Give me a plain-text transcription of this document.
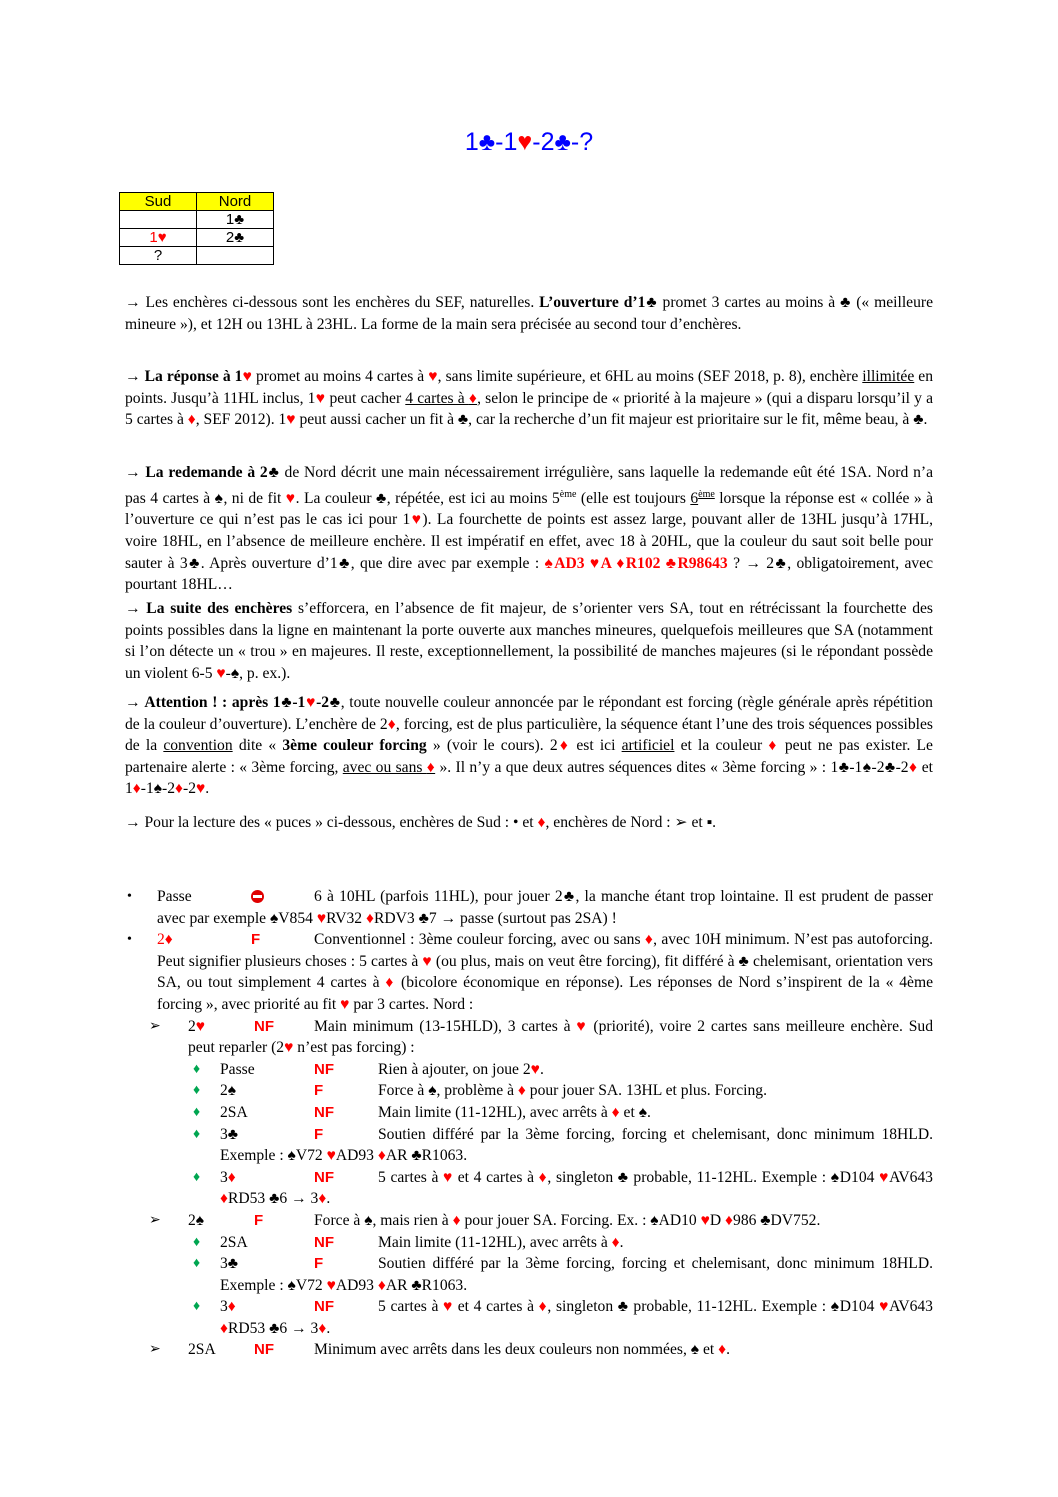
1♣-1♥-2♣-?
Sud	Nord
	1♣
1♥	2♣
?	

→ Les enchères ci-dessous sont les enchères du SEF, naturelles. L’ouverture d’1♣ promet 3 cartes au moins à ♣ (« meilleure mineure »), et 12H ou 13HL à 23HL. La forme de la main sera précisée au second tour d’enchères.

→ La réponse à 1♥ promet au moins 4 cartes à ♥, sans limite supérieure, et 6HL au moins (SEF 2018, p. 8), enchère illimitée en points. Jusqu’à 11HL inclus, 1♥ peut cacher 4 cartes à ♦, selon le principe de « priorité à la majeure » (qui a disparu lorsqu’il y a 5 cartes à ♦, SEF 2012). 1♥ peut aussi cacher un fit à ♣, car la recherche d’un fit majeur est prioritaire sur le fit, même beau, à ♣.

→ La redemande à 2♣ de Nord décrit une main nécessairement irrégulière, sans laquelle la redemande eût été 1SA. Nord n’a pas 4 cartes à ♠, ni de fit ♥. La couleur ♣, répétée, est ici au moins 5ème (elle est toujours 6ème lorsque la réponse est « collée » à l’ouverture ce qui n’est pas le cas ici pour 1♥). La fourchette de points est assez large, pouvant aller de 13HL jusqu’à 17HL, voire 18HL, en l’absence de meilleure enchère. Il est impératif en effet, avec 18 à 20HL, que la couleur du saut soit belle pour sauter à 3♣. Après ouverture d’1♣, que dire avec par exemple : ♠AD3 ♥A ♦R102 ♣R98643 ? → 2♣, obligatoirement, avec pourtant 18HL…

→ La suite des enchères s’efforcera, en l’absence de fit majeur, de s’orienter vers SA, tout en rétrécissant la fourchette des points possibles dans la ligne en maintenant la porte ouverte aux manches mineures, quelquefois meilleures que SA (notamment si l’on détecte un « trou » en majeures. Il reste, exceptionnellement, la possibilité de manches majeures (si le répondant possède un violent 6-5 ♥-♠, p. ex.).

→ Attention ! : après 1♣-1♥-2♣, toute nouvelle couleur annoncée par le répondant est forcing (règle générale après répétition de la couleur d’ouverture). L’enchère de 2♦, forcing, est de plus particulière, la séquence étant l’une des trois séquences possibles de la convention dite « 3ème couleur forcing » (voir le cours). 2♦ est ici artificiel et la couleur ♦ peut ne pas exister. Le partenaire alerte : « 3ème forcing, avec ou sans ♦ ». Il n’y a que deux autres séquences dites « 3ème forcing » : 1♣-1♠-2♣-2♦ et 1♦-1♠-2♦-2♥.

→ Pour la lecture des « puces » ci-dessous, enchères de Sud : • et ♦, enchères de Nord : ➢ et ▪.

• Passe	6 à 10HL (parfois 11HL), pour jouer 2♣, la manche étant trop lointaine. Il est prudent de passer avec par exemple ♠V854 ♥RV32 ♦RDV3 ♣7 → passe (surtout pas 2SA) !
• 2♦	F	Conventionnel : 3ème couleur forcing, avec ou sans ♦, avec 10H minimum. N’est pas autoforcing. Peut signifier plusieurs choses : 5 cartes à ♥ (ou plus, mais on veut être forcing), fit différé à ♣ chelemisant, orientation vers SA, ou tout simplement 4 cartes à ♦ (bicolore économique en réponse). Les réponses de Nord s’inspirent de la « 4ème forcing », avec priorité au fit ♥ par 3 cartes. Nord :
➢ 2♥	NF	Main minimum (13-15HLD), 3 cartes à ♥ (priorité), voire 2 cartes sans meilleure enchère. Sud peut reparler (2♥ n’est pas forcing) :
♦ Passe	NF	Rien à ajouter, on joue 2♥.
♦ 2♠	F	Force à ♠, problème à ♦ pour jouer SA. 13HL et plus. Forcing.
♦ 2SA	NF	Main limite (11-12HL), avec arrêts à ♦ et ♠.
♦ 3♣	F	Soutien différé par la 3ème forcing, forcing et chelemisant, donc minimum 18HLD. Exemple : ♠V72 ♥AD93 ♦AR ♣R1063.
♦ 3♦	NF	5 cartes à ♥ et 4 cartes à ♦, singleton ♣ probable, 11-12HL. Exemple : ♠D104 ♥AV643 ♦RD53 ♣6 → 3♦.
➢ 2♠	F	Force à ♠, mais rien à ♦ pour jouer SA. Forcing. Ex. : ♠AD10 ♥D ♦986 ♣DV752.
♦ 2SA	NF	Main limite (11-12HL), avec arrêts à ♦.
♦ 3♣	F	Soutien différé par la 3ème forcing, forcing et chelemisant, donc minimum 18HLD. Exemple : ♠V72 ♥AD93 ♦AR ♣R1063.
♦ 3♦	NF	5 cartes à ♥ et 4 cartes à ♦, singleton ♣ probable, 11-12HL. Exemple : ♠D104 ♥AV643 ♦RD53 ♣6 → 3♦.
➢ 2SA	NF	Minimum avec arrêts dans les deux couleurs non nommées, ♠ et ♦.
